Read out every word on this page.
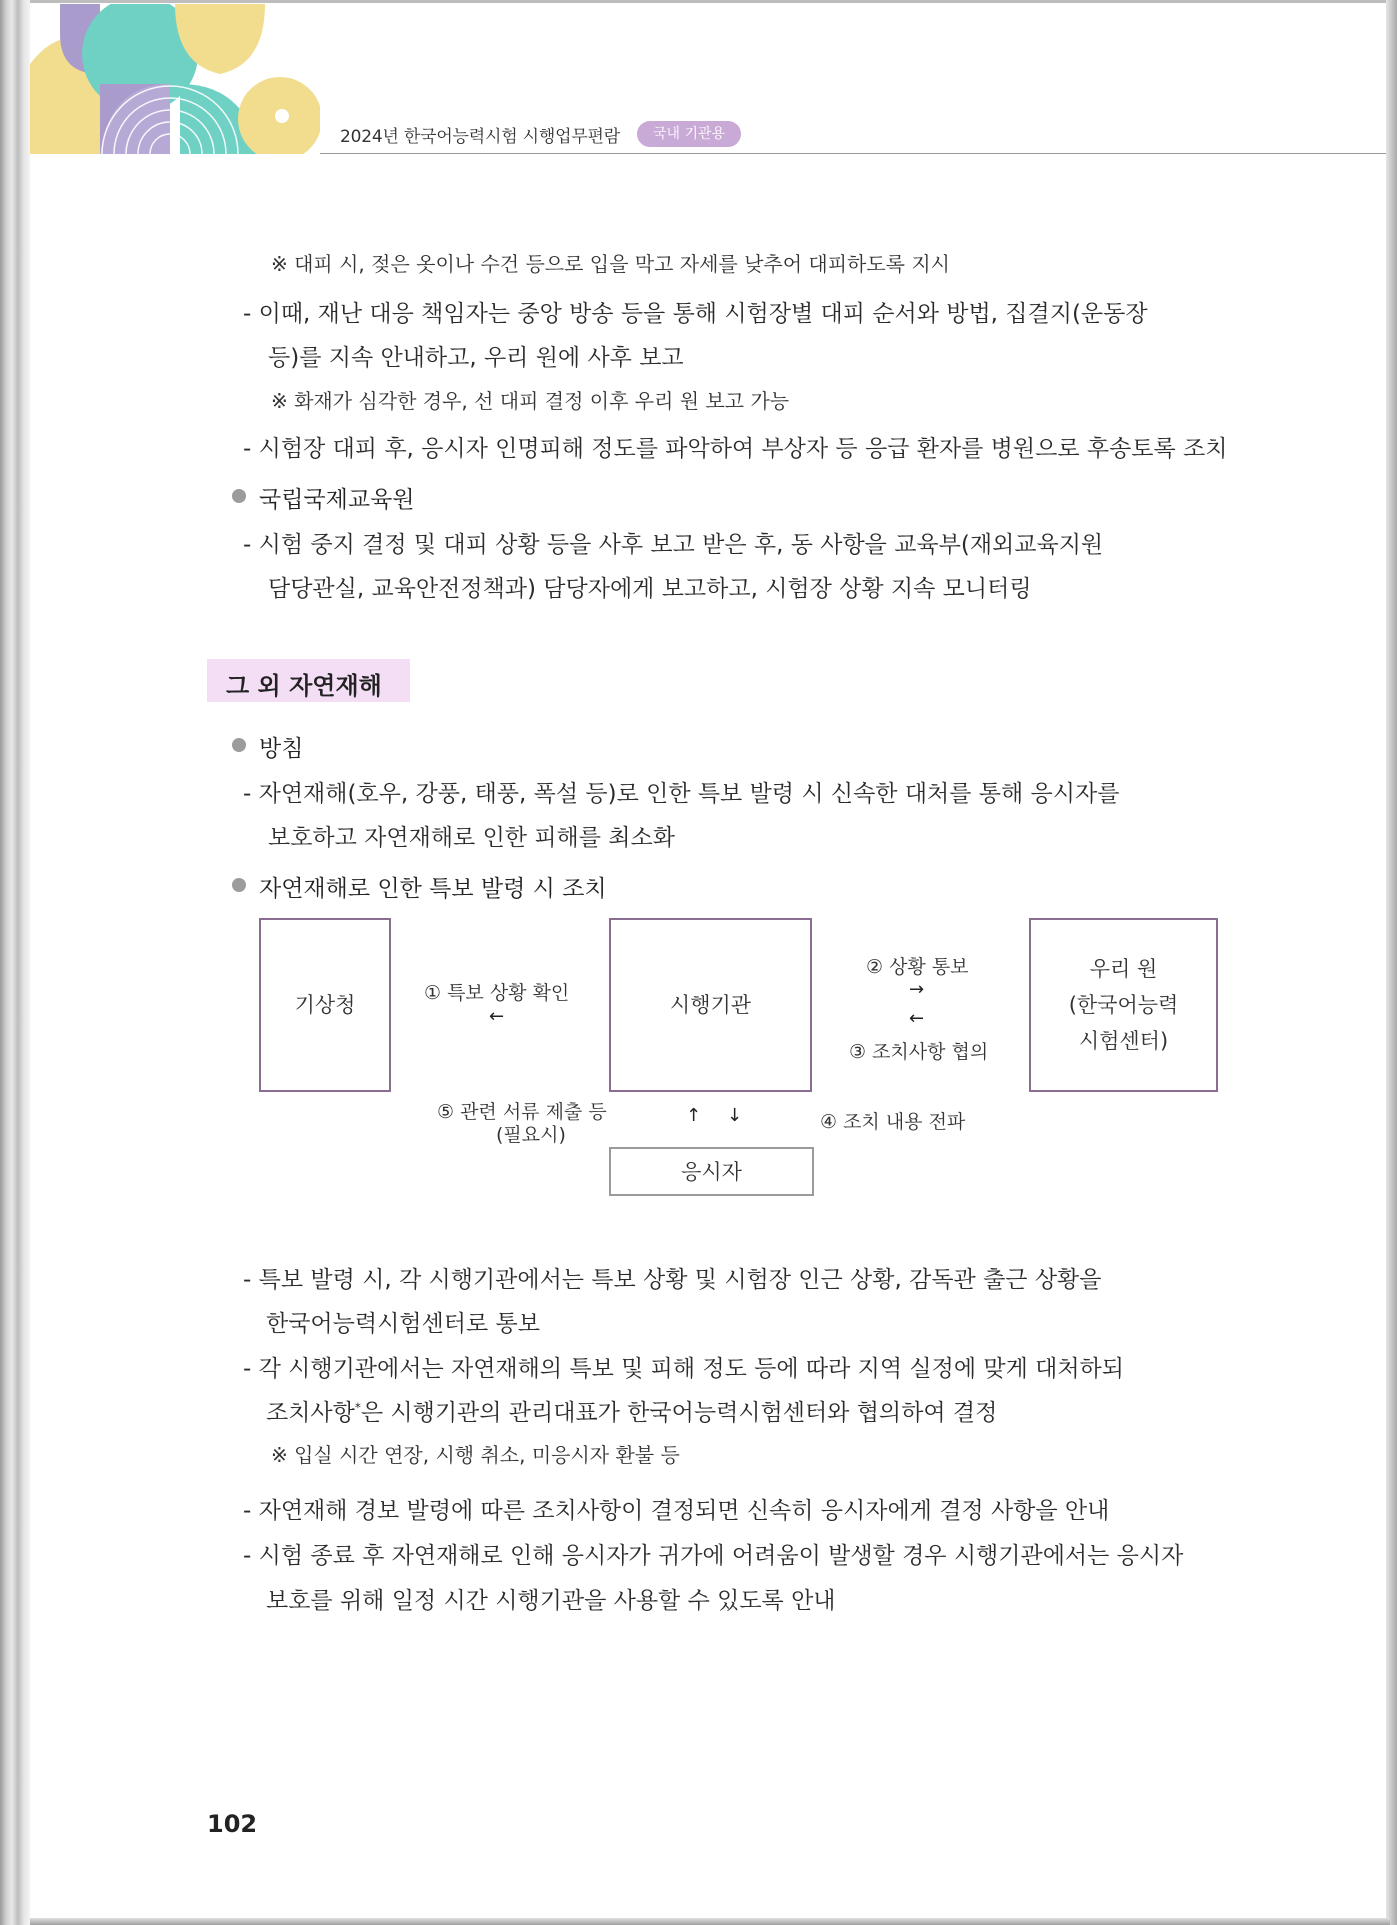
2024년 한국어능력시험 시행업무편람	국내 기관용
※ 대피 시, 젖은 옷이나 수건 등으로 입을 막고 자세를 낮추어 대피하도록 지시
- 이때, 재난 대응 책임자는 중앙 방송 등을 통해 시험장별 대피 순서와 방법, 집결지(운동장
등)를 지속 안내하고, 우리 원에 사후 보고
※ 화재가 심각한 경우, 선 대피 결정 이후 우리 원 보고 가능
- 시험장 대피 후, 응시자 인명피해 정도를 파악하여 부상자 등 응급 환자를 병원으로 후송토록 조치
국립국제교육원
- 시험 중지 결정 및 대피 상황 등을 사후 보고 받은 후, 동 사항을 교육부(재외교육지원
담당관실, 교육안전정책과) 담당자에게 보고하고, 시험장 상황 지속 모니터링
그 외 자연재해
방침
- 자연재해(호우, 강풍, 태풍, 폭설 등)로 인한 특보 발령 시 신속한 대처를 통해 응시자를
보호하고 자연재해로 인한 피해를 최소화
자연재해로 인한 특보 발령 시 조치
기상청	시행기관
우리 원
(한국어능력
시험센터)
응시자
① 특보 상황 확인
←
② 상황 통보
→
←
③ 조치사항 협의
⑤ 관련 서류 제출 등
(필요시)
↑ ↓	④ 조치 내용 전파
- 특보 발령 시, 각 시행기관에서는 특보 상황 및 시험장 인근 상황, 감독관 출근 상황을
한국어능력시험센터로 통보
- 각 시행기관에서는 자연재해의 특보 및 피해 정도 등에 따라 지역 실정에 맞게 대처하되
조치사항*은 시행기관의 관리대표가 한국어능력시험센터와 협의하여 결정
※ 입실 시간 연장, 시행 취소, 미응시자 환불 등
- 자연재해 경보 발령에 따른 조치사항이 결정되면 신속히 응시자에게 결정 사항을 안내
- 시험 종료 후 자연재해로 인해 응시자가 귀가에 어려움이 발생할 경우 시행기관에서는 응시자
보호를 위해 일정 시간 시행기관을 사용할 수 있도록 안내
102
